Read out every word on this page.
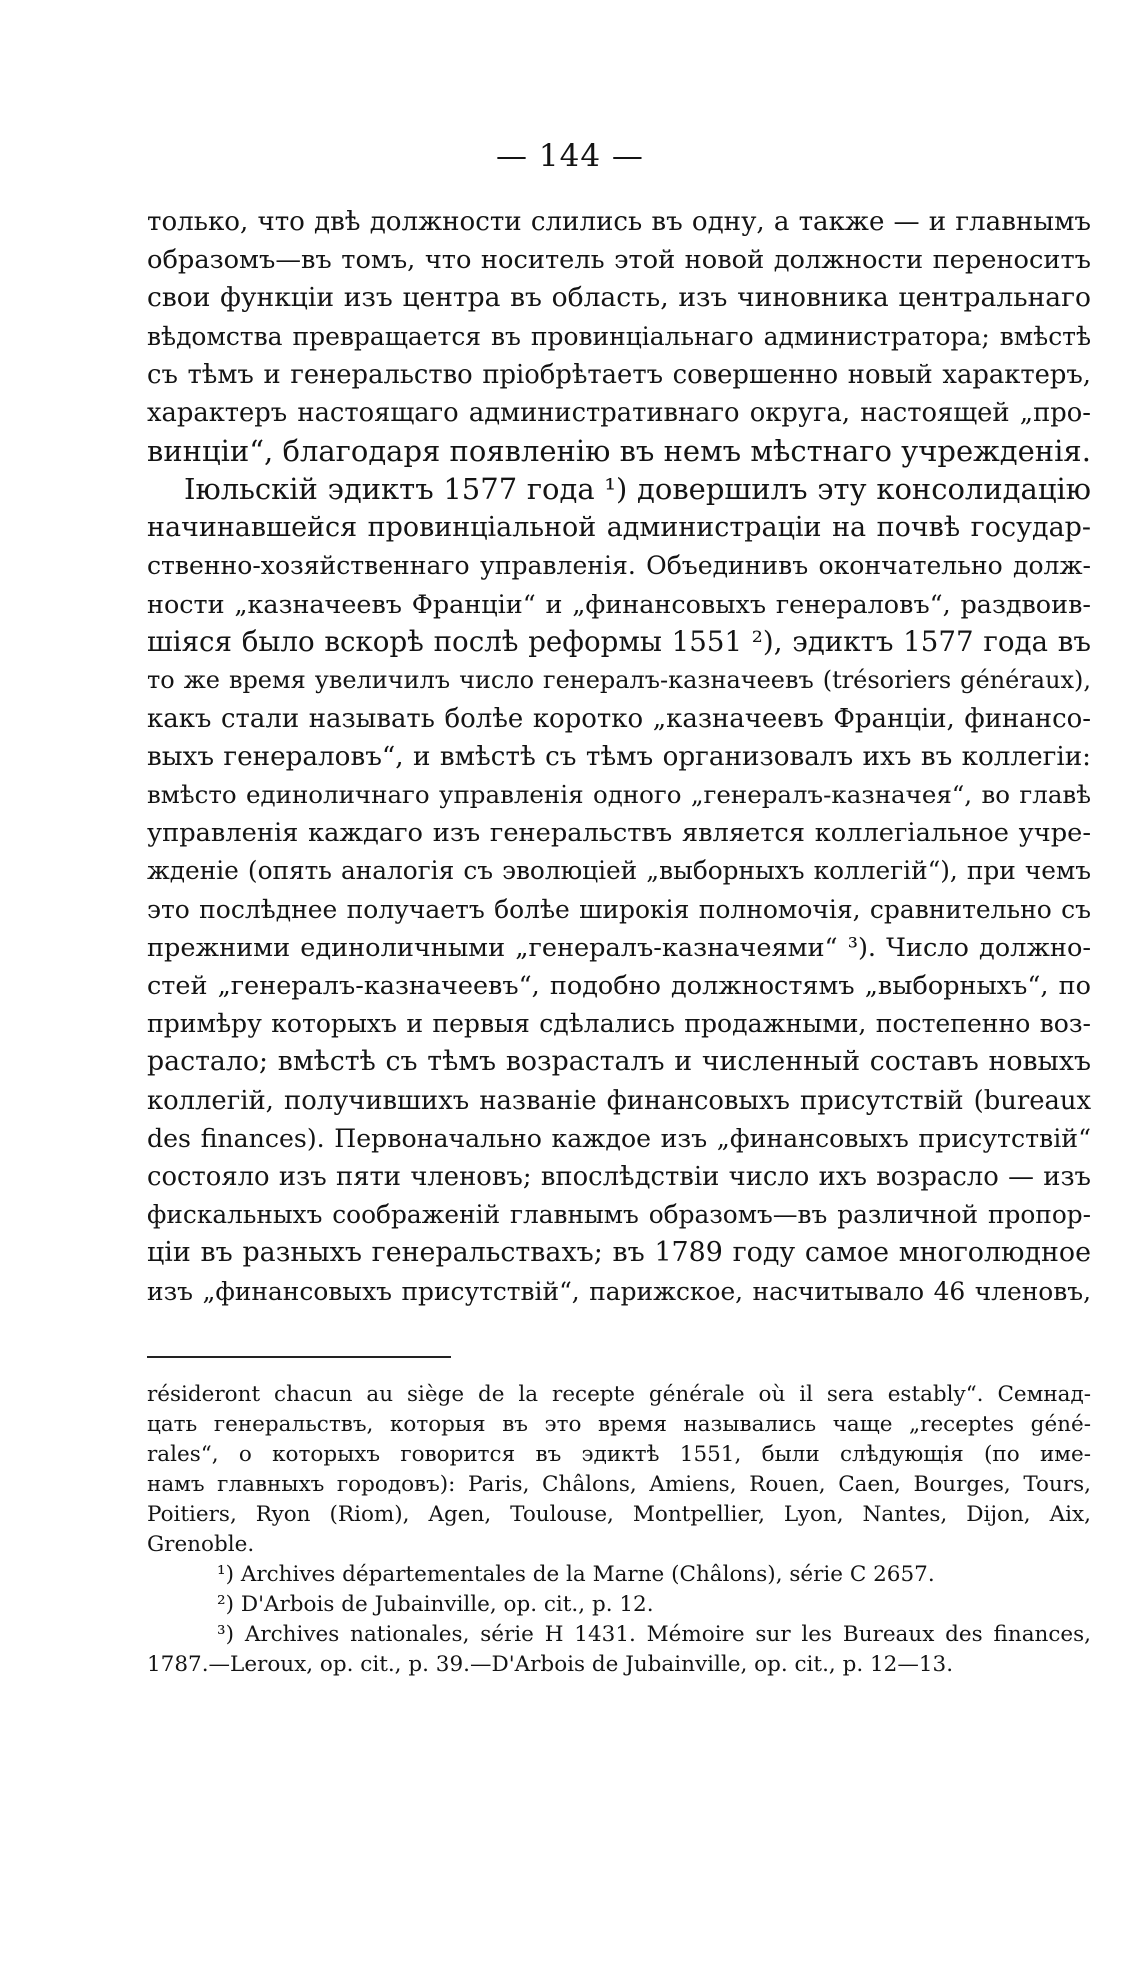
— 144 —
только, что двѣ должности слились въ одну, а также — и главнымъ
образомъ—въ томъ, что носитель этой новой должности переноситъ
свои функціи изъ центра въ область, изъ чиновника центральнаго
вѣдомства превращается въ провинціальнаго администратора; вмѣстѣ
съ тѣмъ и генеральство пріобрѣтаетъ совершенно новый характеръ,
характеръ настоящаго административнаго округа, настоящей „про-
винціи“, благодаря появленію въ немъ мѣстнаго учрежденія.
Іюльскій эдиктъ 1577 года ¹) довершилъ эту консолидацію
начинавшейся провинціальной администраціи на почвѣ государ-
ственно-хозяйственнаго управленія. Объединивъ окончательно долж-
ности „казначеевъ Франціи“ и „финансовыхъ генераловъ“, раздвоив-
шіяся было вскорѣ послѣ реформы 1551 ²), эдиктъ 1577 года въ
то же время увеличилъ число генералъ-казначеевъ (trésoriers généraux),
какъ стали называть болѣе коротко „казначеевъ Франціи, финансо-
выхъ генераловъ“, и вмѣстѣ съ тѣмъ организовалъ ихъ въ коллегіи:
вмѣсто единоличнаго управленія одного „генералъ-казначея“, во главѣ
управленія каждаго изъ генеральствъ является коллегіальное учре-
жденіе (опять аналогія съ эволюціей „выборныхъ коллегій“), при чемъ
это послѣднее получаетъ болѣе широкія полномочія, сравнительно съ
прежними единоличными „генералъ-казначеями“ ³). Число должно-
стей „генералъ-казначеевъ“, подобно должностямъ „выборныхъ“, по
примѣру которыхъ и первыя сдѣлались продажными, постепенно воз-
растало; вмѣстѣ съ тѣмъ возрасталъ и численный составъ новыхъ
коллегій, получившихъ названіе финансовыхъ присутствій (bureaux
des finances). Первоначально каждое изъ „финансовыхъ присутствій“
состояло изъ пяти членовъ; впослѣдствіи число ихъ возрасло — изъ
фискальныхъ соображеній главнымъ образомъ—въ различной пропор-
ціи въ разныхъ генеральствахъ; въ 1789 году самое многолюдное
изъ „финансовыхъ присутствій“, парижское, насчитывало 46 членовъ,
résideront chacun au siège de la recepte générale où il sera estably“. Семнад-
цать генеральствъ, которыя въ это время назывались чаще „receptes géné-
rales“, о которыхъ говорится въ эдиктѣ 1551, были слѣдующія (по име-
намъ главныхъ городовъ): Paris, Châlons, Amiens, Rouen, Caen, Bourges, Tours,
Poitiers, Ryon (Riom), Agen, Toulouse, Montpellier, Lyon, Nantes, Dijon, Aix,
Grenoble.
¹) Archives départementales de la Marne (Châlons), série C 2657.
²) D'Arbois de Jubainville, op. cit., p. 12.
³) Archives nationales, série H 1431. Mémoire sur les Bureaux des finances,
1787.—Leroux, op. cit., p. 39.—D'Arbois de Jubainville, op. cit., p. 12—13.
